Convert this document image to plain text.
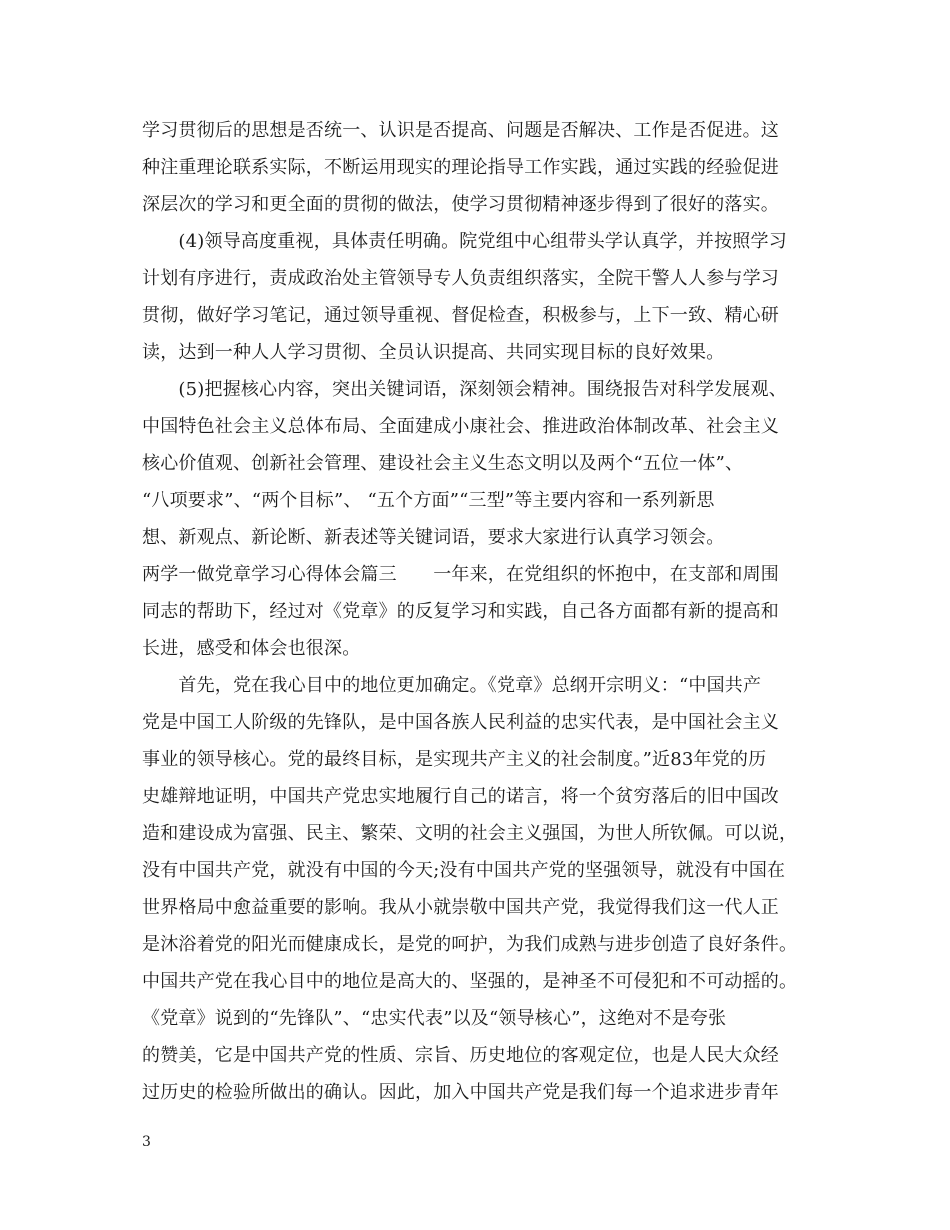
学习贯彻后的思想是否统一、认识是否提高、问题是否解决、工作是否促进。这
种注重理论联系实际，不断运用现实的理论指导工作实践，通过实践的经验促进
深层次的学习和更全面的贯彻的做法，使学习贯彻精神逐步得到了很好的落实。
　　(4)领导高度重视，具体责任明确。院党组中心组带头学认真学，并按照学习
计划有序进行，责成政治处主管领导专人负责组织落实，全院干警人人参与学习
贯彻，做好学习笔记，通过领导重视、督促检查，积极参与，上下一致、精心研
读，达到一种人人学习贯彻、全员认识提高、共同实现目标的良好效果。
　　(5)把握核心内容，突出关键词语，深刻领会精神。围绕报告对科学发展观、
中国特色社会主义总体布局、全面建成小康社会、推进政治体制改革、社会主义
核心价值观、创新社会管理、建设社会主义生态文明以及两个“五位一体”、
“八项要求”、“两个目标”、 “五个方面”“三型”等主要内容和一系列新思
想、新观点、新论断、新表述等关键词语，要求大家进行认真学习领会。
两学一做党章学习心得体会篇三　　一年来，在党组织的怀抱中，在支部和周围
同志的帮助下，经过对《党章》的反复学习和实践，自己各方面都有新的提高和
长进，感受和体会也很深。
　　首先，党在我心目中的地位更加确定。《党章》总纲开宗明义：“中国共产
党是中国工人阶级的先锋队，是中国各族人民利益的忠实代表，是中国社会主义
事业的领导核心。党的最终目标，是实现共产主义的社会制度。”近83年党的历
史雄辩地证明，中国共产党忠实地履行自己的诺言，将一个贫穷落后的旧中国改
造和建设成为富强、民主、繁荣、文明的社会主义强国，为世人所钦佩。可以说，
没有中国共产党，就没有中国的今天;没有中国共产党的坚强领导，就没有中国在
世界格局中愈益重要的影响。我从小就崇敬中国共产党，我觉得我们这一代人正
是沐浴着党的阳光而健康成长，是党的呵护，为我们成熟与进步创造了良好条件。
中国共产党在我心目中的地位是高大的、坚强的，是神圣不可侵犯和不可动摇的。
《党章》说到的“先锋队”、“忠实代表”以及“领导核心”，这绝对不是夸张
的赞美，它是中国共产党的性质、宗旨、历史地位的客观定位，也是人民大众经
过历史的检验所做出的确认。因此，加入中国共产党是我们每一个追求进步青年
3
